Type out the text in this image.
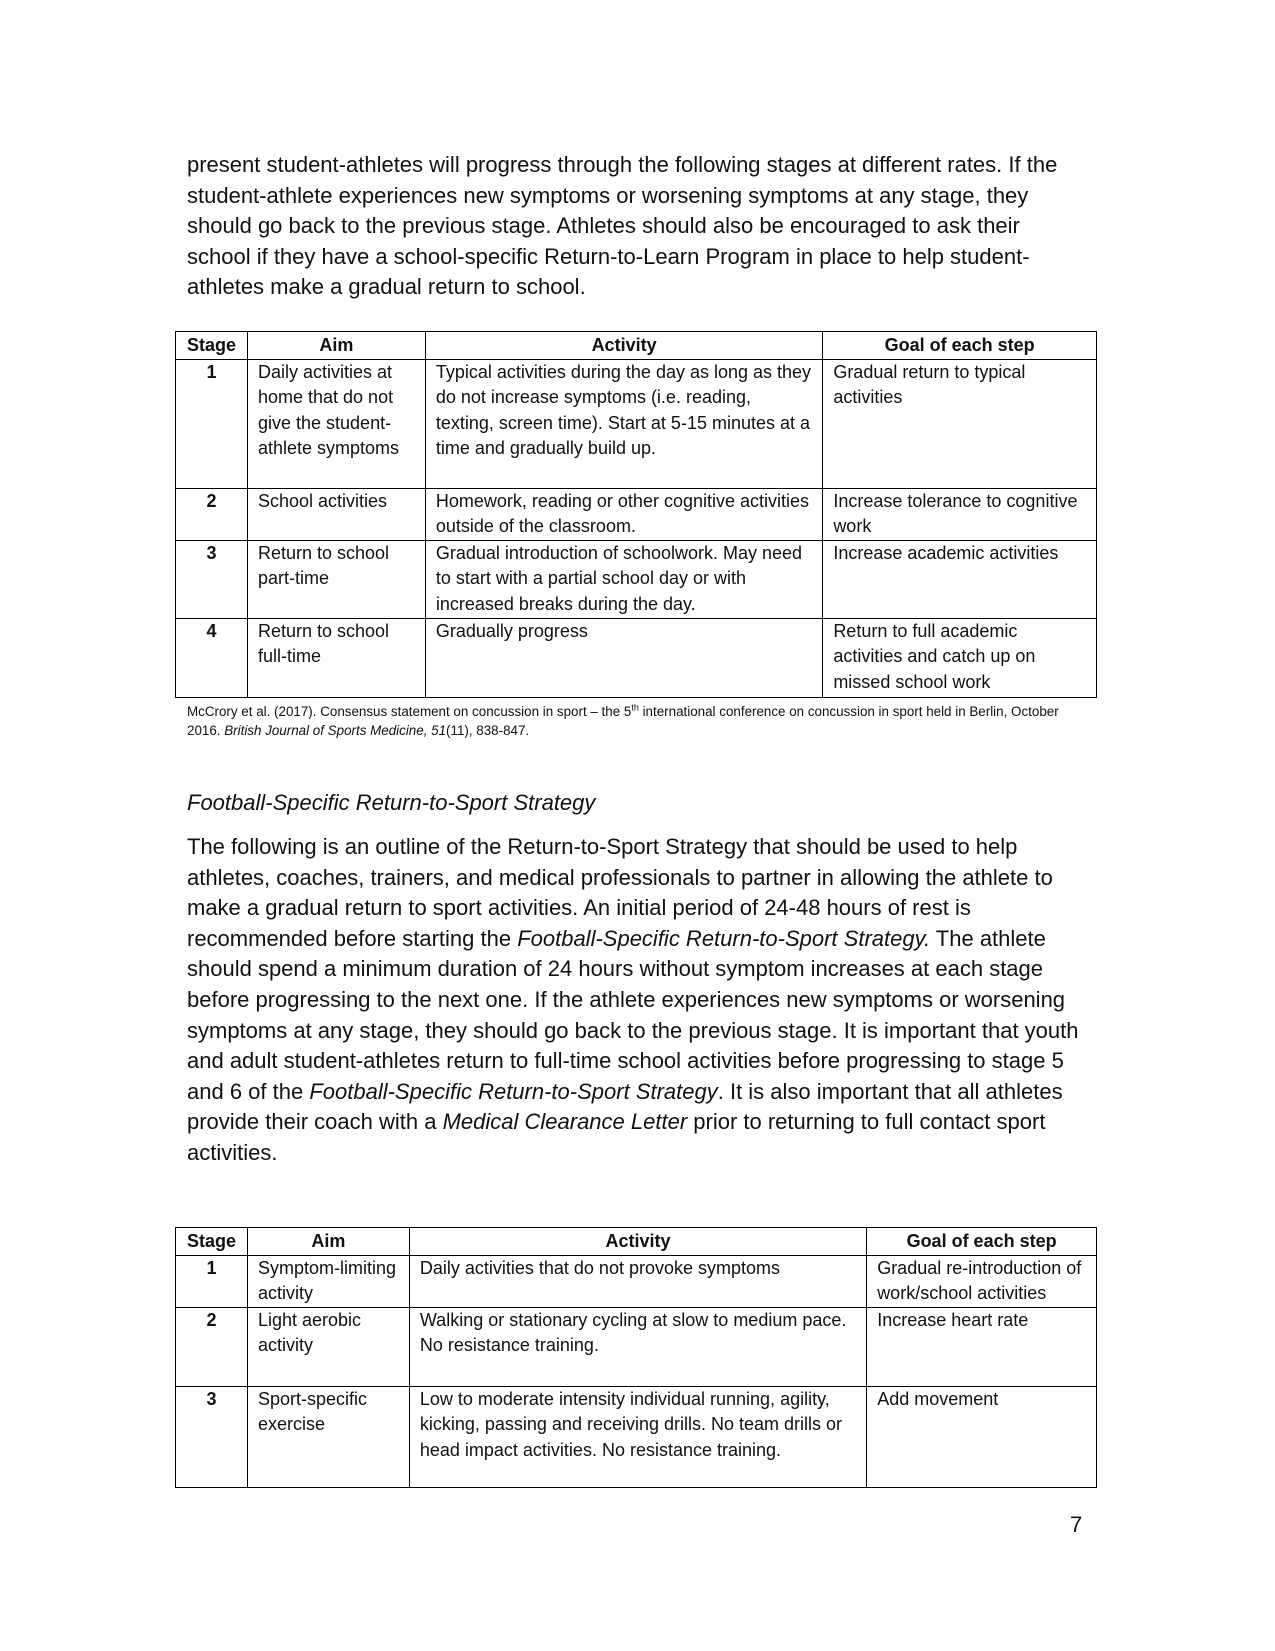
present student-athletes will progress through the following stages at different rates. If the student-athlete experiences new symptoms or worsening symptoms at any stage, they should go back to the previous stage. Athletes should also be encouraged to ask their school if they have a school-specific Return-to-Learn Program in place to help student-athletes make a gradual return to school.

Stage	Aim	Activity	Goal of each step
1	Daily activities at home that do not give the student-athlete symptoms	Typical activities during the day as long as they do not increase symptoms (i.e. reading, texting, screen time). Start at 5-15 minutes at a time and gradually build up.	Gradual return to typical activities
2	School activities	Homework, reading or other cognitive activities outside of the classroom.	Increase tolerance to cognitive work
3	Return to school part-time	Gradual introduction of schoolwork. May need to start with a partial school day or with increased breaks during the day.	Increase academic activities
4	Return to school full-time	Gradually progress	Return to full academic activities and catch up on missed school work

McCrory et al. (2017). Consensus statement on concussion in sport – the 5th international conference on concussion in sport held in Berlin, October 2016. British Journal of Sports Medicine, 51(11), 838-847.

Football-Specific Return-to-Sport Strategy

The following is an outline of the Return-to-Sport Strategy that should be used to help athletes, coaches, trainers, and medical professionals to partner in allowing the athlete to make a gradual return to sport activities. An initial period of 24-48 hours of rest is recommended before starting the Football-Specific Return-to-Sport Strategy. The athlete should spend a minimum duration of 24 hours without symptom increases at each stage before progressing to the next one. If the athlete experiences new symptoms or worsening symptoms at any stage, they should go back to the previous stage. It is important that youth and adult student-athletes return to full-time school activities before progressing to stage 5 and 6 of the Football-Specific Return-to-Sport Strategy. It is also important that all athletes provide their coach with a Medical Clearance Letter prior to returning to full contact sport activities.

Stage	Aim	Activity	Goal of each step
1	Symptom-limiting activity	Daily activities that do not provoke symptoms	Gradual re-introduction of work/school activities
2	Light aerobic activity	Walking or stationary cycling at slow to medium pace. No resistance training.	Increase heart rate
3	Sport-specific exercise	Low to moderate intensity individual running, agility, kicking, passing and receiving drills. No team drills or head impact activities. No resistance training.	Add movement
7
